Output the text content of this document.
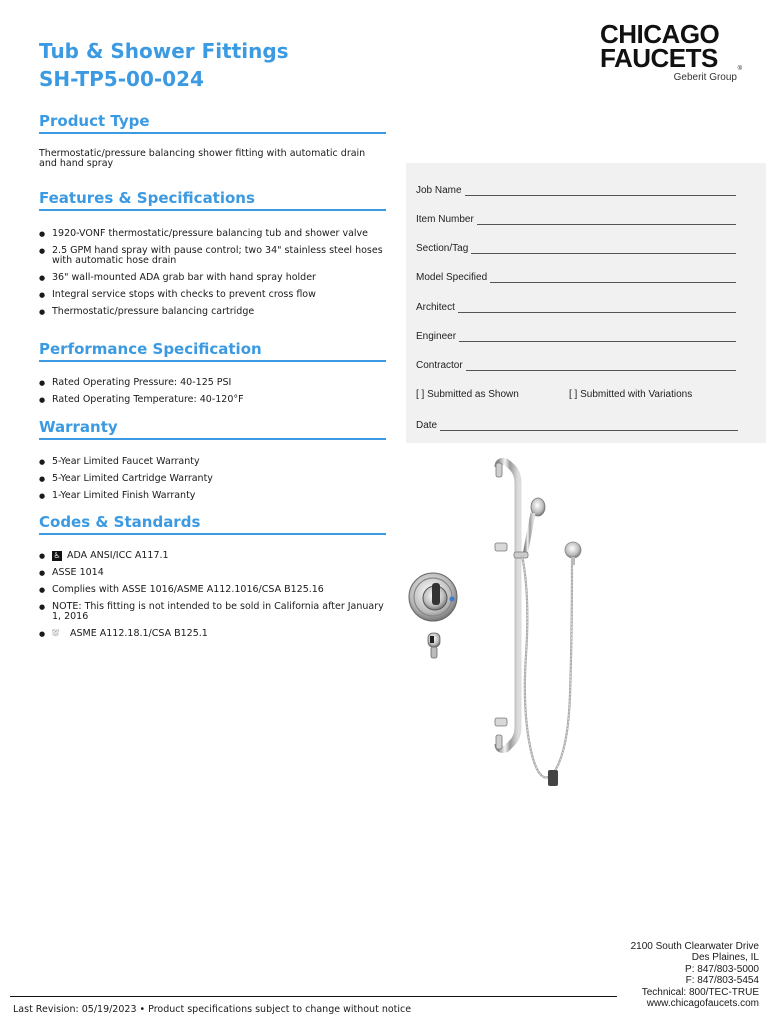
Tub & Shower Fittings
SH-TP5-00-024
CHICAGO
FAUCETS	®
Geberit Group
Product Type
Thermostatic/pressure balancing shower fitting with automatic drain and hand spray
Features & Specifications
● 1920-VONF thermostatic/pressure balancing tub and shower valve
● 2.5 GPM hand spray with pause control; two 34" stainless steel hoses with automatic hose drain
● 36" wall-mounted ADA grab bar with hand spray holder
● Integral service stops with checks to prevent cross flow
● Thermostatic/pressure balancing cartridge
Performance Specification
● Rated Operating Pressure: 40-125 PSI
● Rated Operating Temperature: 40-120°F
Warranty
● 5-Year Limited Faucet Warranty
● 5-Year Limited Cartridge Warranty
● 1-Year Limited Finish Warranty
Codes & Standards
● ♿ ADA ANSI/ICC A117.1
● ASSE 1014
● Complies with ASSE 1016/ASME A112.1016/CSA B125.16
● NOTE: This fitting is not intended to be sold in California after January 1, 2016
● ⛆ ASME A112.18.1/CSA B125.1
Job Name
Item Number
Section/Tag
Model Specified
Architect
Engineer
Contractor
[ ] Submitted as Shown	[ ] Submitted with Variations
Date
2100 South Clearwater Drive
Des Plaines, IL
P: 847/803-5000
F: 847/803-5454
Technical: 800/TEC-TRUE
www.chicagofaucets.com
Last Revision: 05/19/2023 • Product specifications subject to change without notice
